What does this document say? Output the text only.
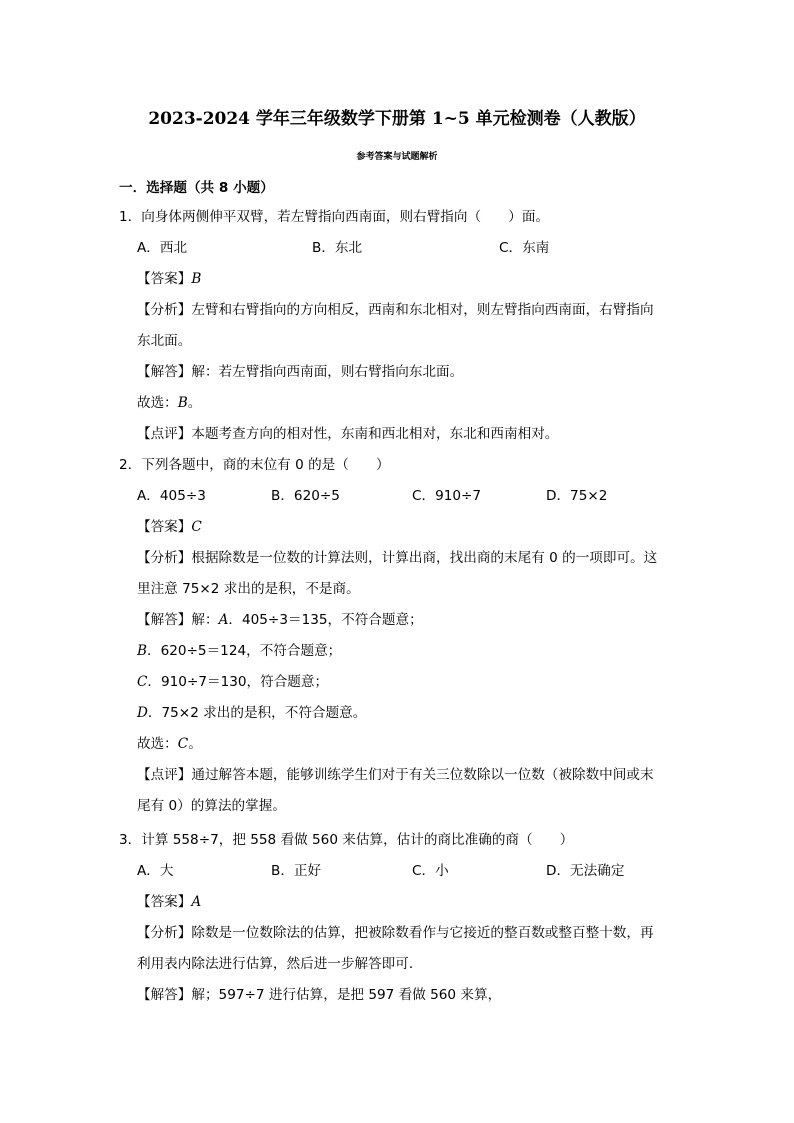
2023-2024 学年三年级数学下册第 1~5 单元检测卷（人教版）
参考答案与试题解析
一．选择题（共 8 小题）
1．向身体两侧伸平双臂，若左臂指向西南面，则右臂指向（　　）面。
A．西北	B．东北	C．东南
【答案】B
【分析】左臂和右臂指向的方向相反，西南和东北相对，则左臂指向西南面，右臂指向
东北面。
【解答】解：若左臂指向西南面，则右臂指向东北面。
故选：B。
【点评】本题考查方向的相对性，东南和西北相对，东北和西南相对。
2．下列各题中，商的末位有 0 的是（　　）
A．405÷3	B．620÷5	C．910÷7	D．75×2
【答案】C
【分析】根据除数是一位数的计算法则，计算出商，找出商的末尾有 0 的一项即可。这
里注意 75×2 求出的是积，不是商。
【解答】解：A．405÷3＝135，不符合题意；
B．620÷5＝124，不符合题意；
C．910÷7＝130，符合题意；
D．75×2 求出的是积，不符合题意。
故选：C。
【点评】通过解答本题，能够训练学生们对于有关三位数除以一位数（被除数中间或末
尾有 0）的算法的掌握。
3．计算 558÷7，把 558 看做 560 来估算，估计的商比准确的商（　　）
A．大	B．正好	C．小	D．无法确定
【答案】A
【分析】除数是一位数除法的估算，把被除数看作与它接近的整百数或整百整十数，再
利用表内除法进行估算，然后进一步解答即可．
【解答】解；597÷7 进行估算，是把 597 看做 560 来算，
